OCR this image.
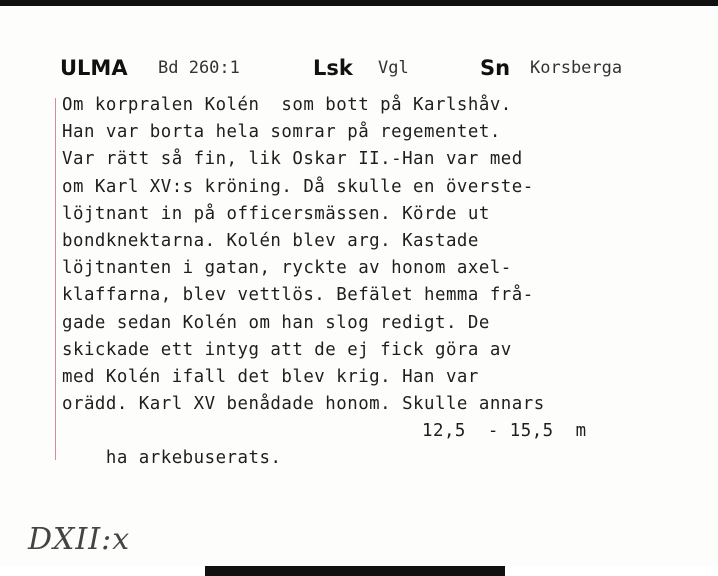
ULMA Bd 260:1	Lsk Vgl	Sn Korsberga
Om korpralen Kolén  som bott på Karlshåv.
Han var borta hela somrar på regementet.
Var rätt så fin, lik Oskar II.-Han var med
om Karl XV:s kröning. Då skulle en överste-
löjtnant in på officersmässen. Körde ut
bondknektarna. Kolén blev arg. Kastade
löjtnanten i gatan, ryckte av honom axel-
klaffarna, blev vettlös. Befälet hemma frå-
gade sedan Kolén om han slog redigt. De
skickade ett intyg att de ej fick göra av
med Kolén ifall det blev krig. Han var
orädd. Karl XV benådade honom. Skulle annars

ha arkebuserats.

12,5  - 15,5  m

DXII:x
